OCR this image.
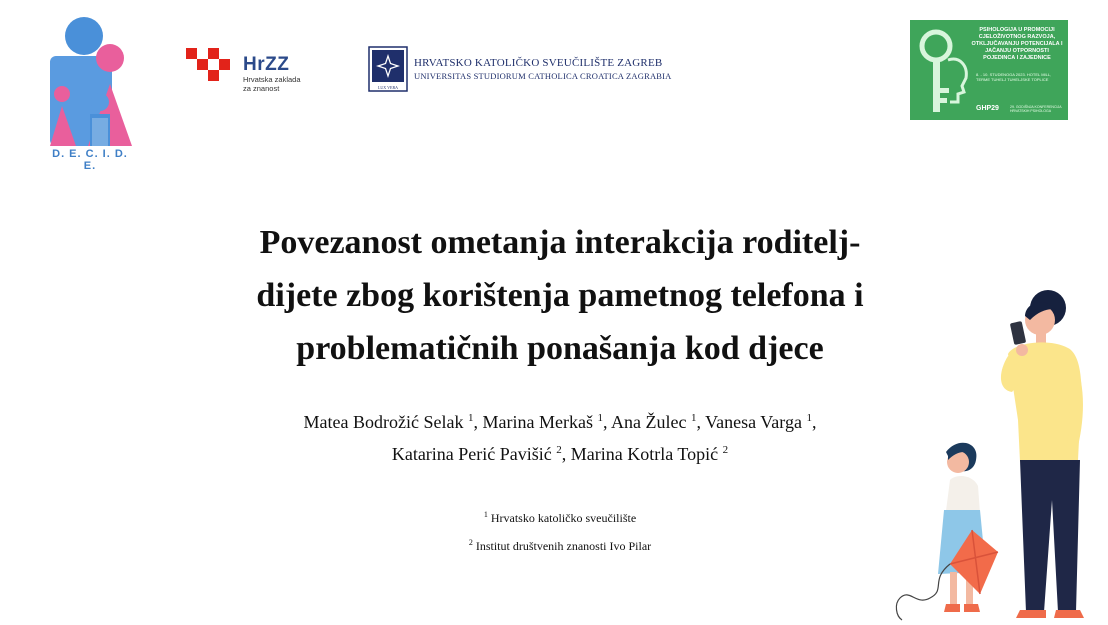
D. E. C. I. D. E.
HrZZ
Hrvatska zaklada
za znanost	LUX VERA
HRVATSKO KATOLIČKO SVEUČILIŠTE ZAGREB
UNIVERSITAS STUDIORUM CATHOLICA CROATICA ZAGRABIA
PSIHOLOGIJA U PROMOCIJI CJELOŽIVOTNOG RAZVOJA, OTKLJUČAVANJU POTENCIJALA I JAČANJU OTPORNOSTI POJEDINCA I ZAJEDNICE
8. - 10. STUDENOGA 2023. HOTEL MILL, TERME TUHELJ TUHELJSKE TOPLICE
GHP29	29. GODIŠNJA KONFERENCIJA HRVATSKIH PSIHOLOGA
Povezanost ometanja interakcija roditelj-
dijete zbog korištenja pametnog telefona i
problematičnih ponašanja kod djece
Matea Bodrožić Selak $^1$, Marina Merkaš $^1$, Ana Žulec $^1$, Vanesa Varga $^1$,
Katarina Perić Pavišić $^2$, Marina Kotrla Topić $^2$
$^1$ Hrvatsko katoličko sveučilište
$^2$ Institut društvenih znanosti Ivo Pilar
